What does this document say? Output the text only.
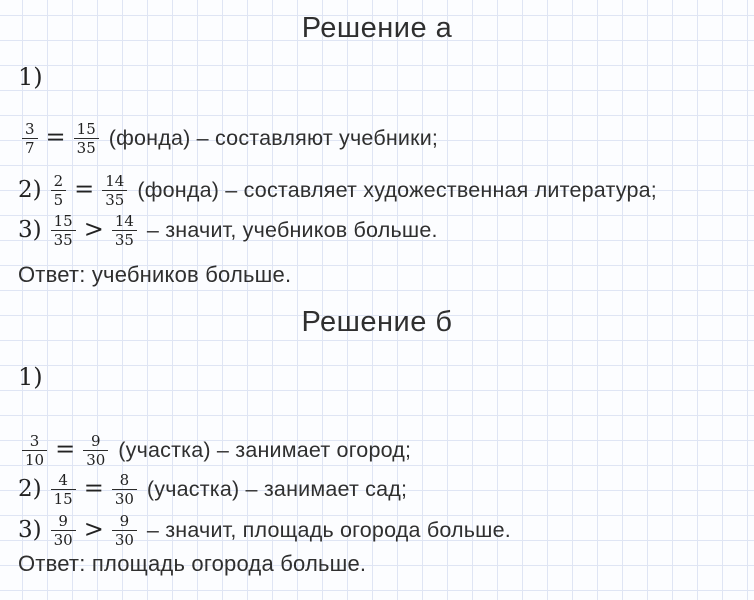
Решение а
1)
$\frac{3}{7} = \frac{15}{35}$ (фонда) – составляют учебники;
$2) \frac{2}{5} = \frac{14}{35}$ (фонда) – составляет художественная литература;
$3) \frac{15}{35} > \frac{14}{35}$ – значит, учебников больше.
Ответ: учебников больше.
Решение б
1)
$\frac{3}{10} = \frac{9}{30}$ (участка) – занимает огород;
$2) \frac{4}{15} = \frac{8}{30}$ (участка) – занимает сад;
$3) \frac{9}{30} > \frac{9}{30}$ – значит, площадь огорода больше.
Ответ: площадь огорода больше.
